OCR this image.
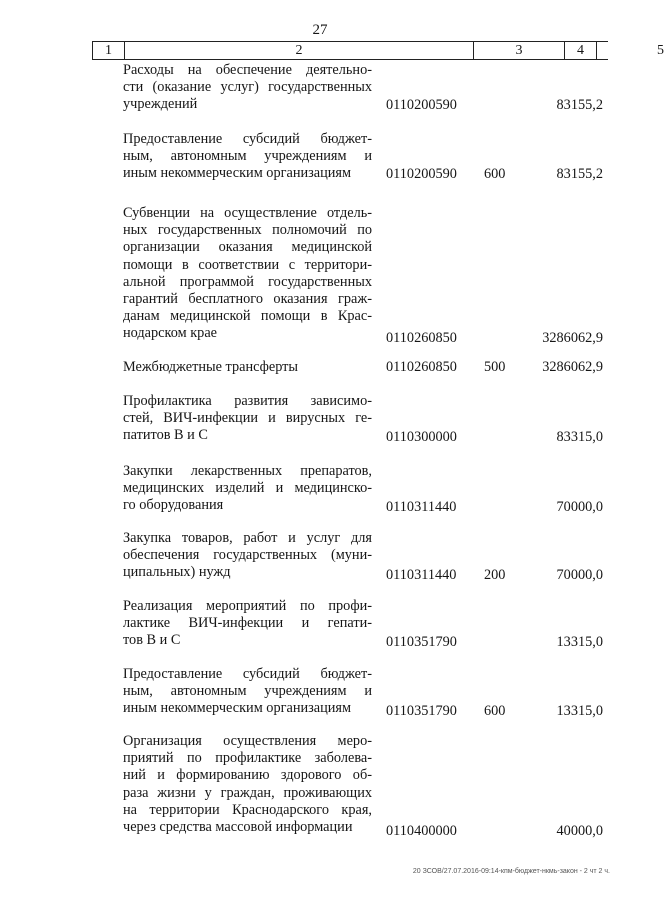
27
1	2	3	4	5
Расходы на обеспечение деятельно-
сти (оказание услуг) государственных
учреждений	0110200590	83155,2
Предоставление субсидий бюджет-
ным, автономным учреждениям и
иным некоммерческим организациям	0110200590 600	83155,2
Субвенции на осуществление отдель-
ных государственных полномочий по
организации оказания медицинской
помощи в соответствии с территори-
альной программой государственных
гарантий бесплатного оказания граж-
данам медицинской помощи в Крас-
нодарском крае	0110260850	3286062,9
Межбюджетные трансферты	0110260850 500	3286062,9
Профилактика развития зависимо-
стей, ВИЧ-инфекции и вирусных ге-
патитов В и С	0110300000	83315,0
Закупки лекарственных препаратов,
медицинских изделий и медицинско-
го оборудования	0110311440	70000,0
Закупка товаров, работ и услуг для
обеспечения государственных (муни-
ципальных) нужд	0110311440 200	70000,0
Реализация мероприятий по профи-
лактике ВИЧ-инфекции и гепати-
тов В и С	0110351790	13315,0
Предоставление субсидий бюджет-
ным, автономным учреждениям и
иным некоммерческим организациям	0110351790 600	13315,0
Организация осуществления меро-
приятий по профилактике заболева-
ний и формированию здорового об-
раза жизни у граждан, проживающих
на территории Краснодарского края,
через средства массовой информации	0110400000	40000,0
20 ЗСОВ/27.07.2016-09:14-кпм-бюджет-нкмь-закон - 2 чт 2 ч.
